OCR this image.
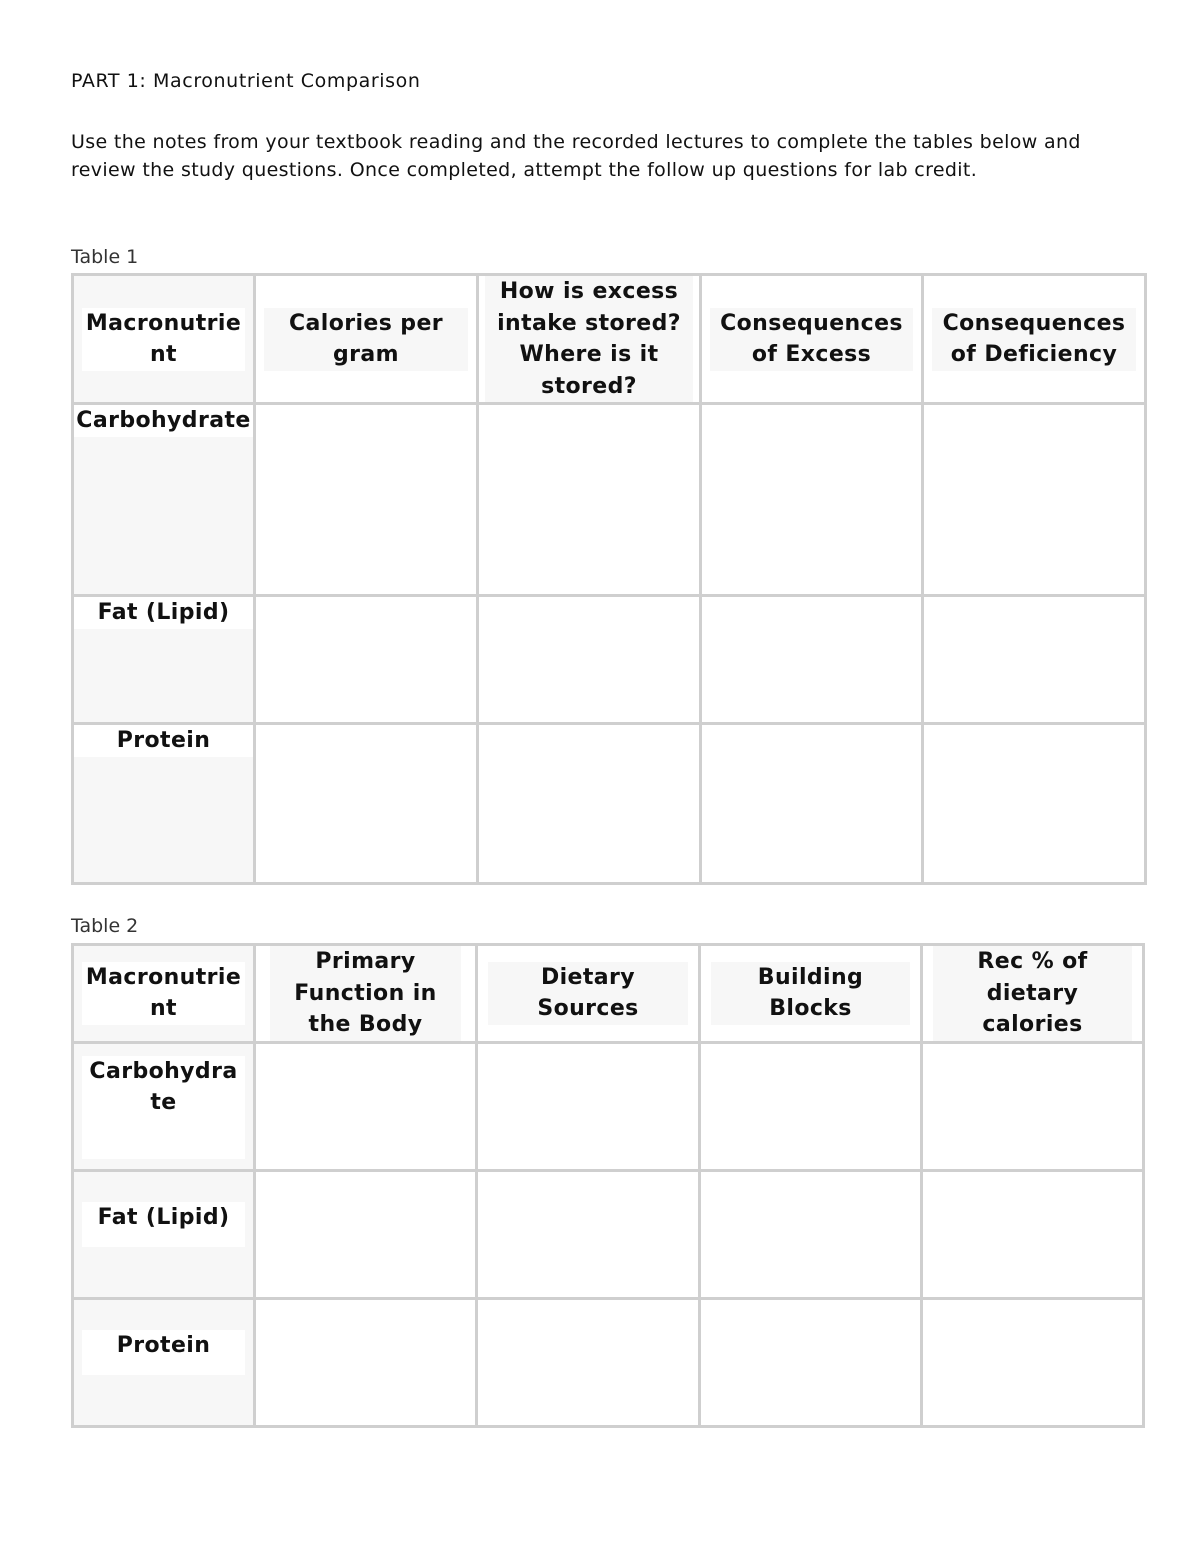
PART 1: Macronutrient Comparison

Use the notes from your textbook reading and the recorded lectures to complete the tables below and review the study questions. Once completed, attempt the follow up questions for lab credit.

Table 1

Macronutrient	Calories per gram	How is excess intake stored? Where is it stored?	Consequences of Excess	Consequences of Deficiency

Carbohydrate				

Fat (Lipid)				

Protein				

Table 2

Macronutrient	Primary Function in the Body	Dietary Sources	Building Blocks	Rec % of dietary calories

Carbohydrate				

Fat (Lipid)				

Protein				
